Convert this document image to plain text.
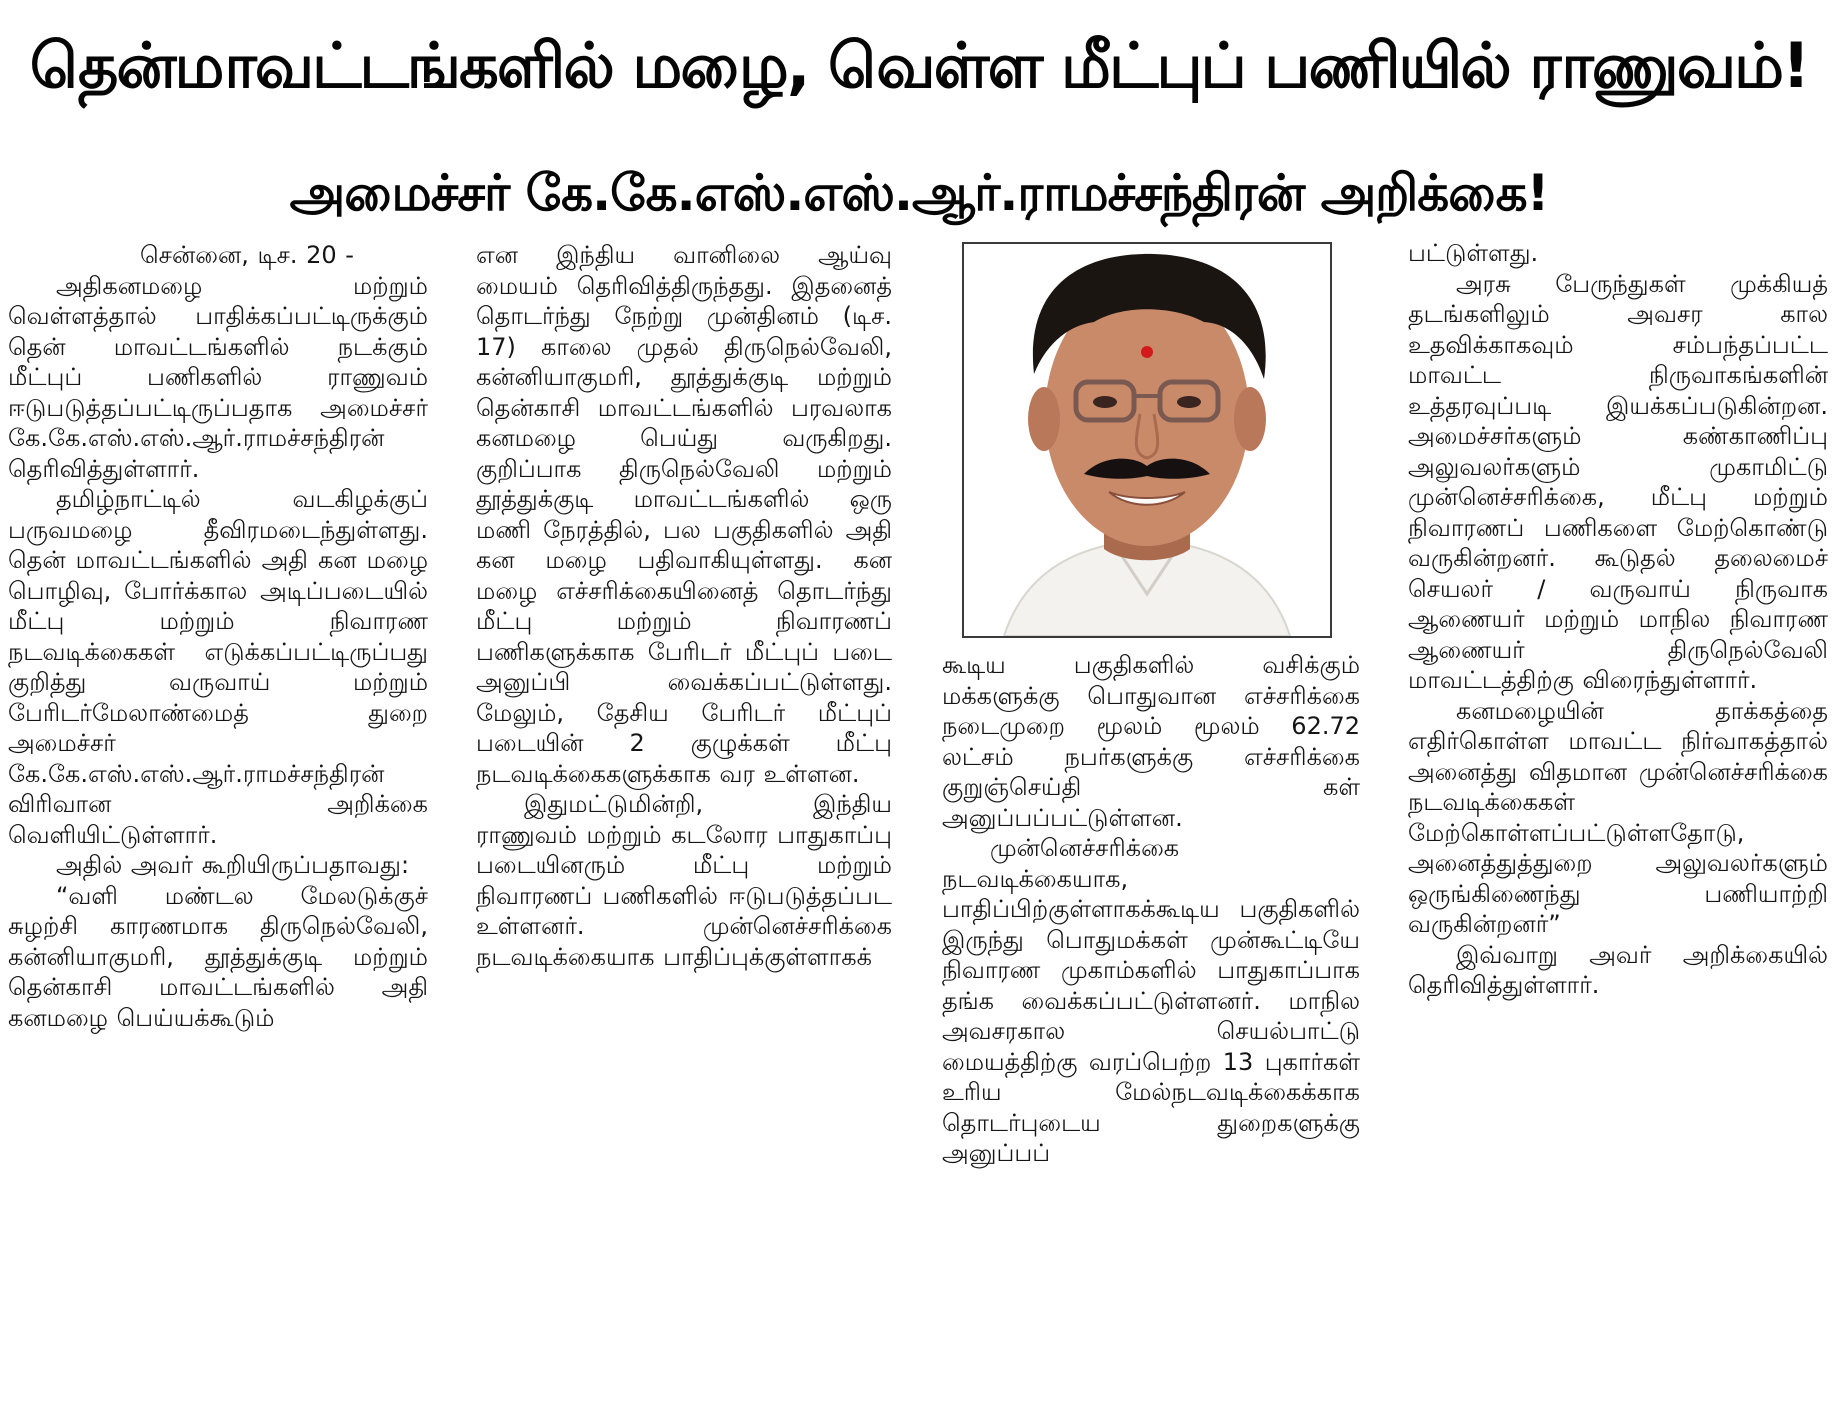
தென்மாவட்டங்களில் மழை, வெள்ள மீட்புப் பணியில் ராணுவம்!
அமைச்சர் கே.கே.எஸ்.எஸ்.ஆர்.ராமச்சந்திரன் அறிக்கை!

சென்னை, டிச. 20 -

அதிகனமழை மற்றும் வெள்ளத்தால் பாதிக்கப்பட்டிருக்கும் தென் மாவட்டங்களில் நடக்கும் மீட்புப் பணிகளில் ராணுவம் ஈடுபடுத்தப்பட்டிருப்பதாக அமைச்சர் கே.கே.எஸ்.எஸ்.ஆர்.ராமச்சந்திரன் தெரிவித்துள்ளார்.

தமிழ்நாட்டில் வடகிழக்குப் பருவமழை தீவிரமடைந்துள்ளது. தென் மாவட்டங்களில் அதி கன மழை பொழிவு, போர்க்கால அடிப்படையில் மீட்பு மற்றும் நிவாரண நடவடிக்கைகள் எடுக்கப்பட்டிருப்பது குறித்து வருவாய் மற்றும் பேரிடர்மேலாண்மைத் துறை அமைச்சர் கே.கே.எஸ்.எஸ்.ஆர்.ராமச்சந்திரன் விரிவான அறிக்கை வெளியிட்டுள்ளார்.

அதில் அவர் கூறியிருப்பதாவது:

“வளி மண்டல மேலடுக்குச் சுழற்சி காரணமாக திருநெல்வேலி, கன்னியாகுமரி, தூத்துக்குடி மற்றும் தென்காசி மாவட்டங்களில் அதி கனமழை பெய்யக்கூடும்

என இந்திய வானிலை ஆய்வு மையம் தெரிவித்திருந்தது. இதனைத் தொடர்ந்து நேற்று முன்தினம் (டிச. 17) காலை முதல் திருநெல்வேலி, கன்னியாகுமரி, தூத்துக்குடி மற்றும் தென்காசி மாவட்டங்களில் பரவலாக கனமழை பெய்து வருகிறது. குறிப்பாக திருநெல்வேலி மற்றும் தூத்துக்குடி மாவட்டங்களில் ஒரு மணி நேரத்தில், பல பகுதிகளில் அதி கன மழை பதிவாகியுள்ளது. கன மழை எச்சரிக்கையினைத் தொடர்ந்து மீட்பு மற்றும் நிவாரணப் பணிகளுக்காக பேரிடர் மீட்புப் படை அனுப்பி வைக்கப்பட்டுள்ளது. மேலும், தேசிய பேரிடர் மீட்புப் படையின் 2 குழுக்கள் மீட்பு நடவடிக்கைகளுக்காக வர உள்ளன.

இதுமட்டுமின்றி, இந்திய ராணுவம் மற்றும் கடலோர பாதுகாப்பு படையினரும் மீட்பு மற்றும் நிவாரணப் பணிகளில் ஈடுபடுத்தப்பட உள்ளனர். முன்னெச்சரிக்கை நடவடிக்கையாக பாதிப்புக்குள்ளாகக்

கூடிய பகுதிகளில் வசிக்கும் மக்களுக்கு பொதுவான எச்சரிக்கை நடைமுறை மூலம் மூலம் 62.72 லட்சம் நபர்களுக்கு எச்சரிக்கை குறுஞ்செய்தி கள் அனுப்பப்பட்டுள்ளன.

முன்னெச்சரிக்கை நடவடிக்கையாக, பாதிப்பிற்குள்ளாகக்கூடிய பகுதிகளில் இருந்து பொதுமக்கள் முன்கூட்டியே நிவாரண முகாம்களில் பாதுகாப்பாக தங்க வைக்கப்பட்டுள்ளனர். மாநில அவசரகால செயல்பாட்டு மையத்திற்கு வரப்பெற்ற 13 புகார்கள் உரிய மேல்நடவடிக்கைக்காக தொடர்புடைய துறைகளுக்கு அனுப்பப்

பட்டுள்ளது.

அரசு பேருந்துகள் முக்கியத் தடங்களிலும் அவசர கால உதவிக்காகவும் சம்பந்தப்பட்ட மாவட்ட நிருவாகங்களின் உத்தரவுப்படி இயக்கப்படுகின்றன. அமைச்சர்களும் கண்காணிப்பு அலுவலர்களும் முகாமிட்டு முன்னெச்சரிக்கை, மீட்பு மற்றும் நிவாரணப் பணிகளை மேற்கொண்டு வருகின்றனர். கூடுதல் தலைமைச் செயலர் / வருவாய் நிருவாக ஆணையர் மற்றும் மாநில நிவாரண ஆணையர் திருநெல்வேலி மாவட்டத்திற்கு விரைந்துள்ளார்.

கனமழையின் தாக்கத்தை எதிர்கொள்ள மாவட்ட நிர்வாகத்தால் அனைத்து விதமான முன்னெச்சரிக்கை நடவடிக்கைகள் மேற்கொள்ளப்பட்டுள்ளதோடு, அனைத்துத்துறை அலுவலர்களும் ஒருங்கிணைந்து பணியாற்றி வருகின்றனர்”

இவ்வாறு அவர் அறிக்கையில் தெரிவித்துள்ளார்.
